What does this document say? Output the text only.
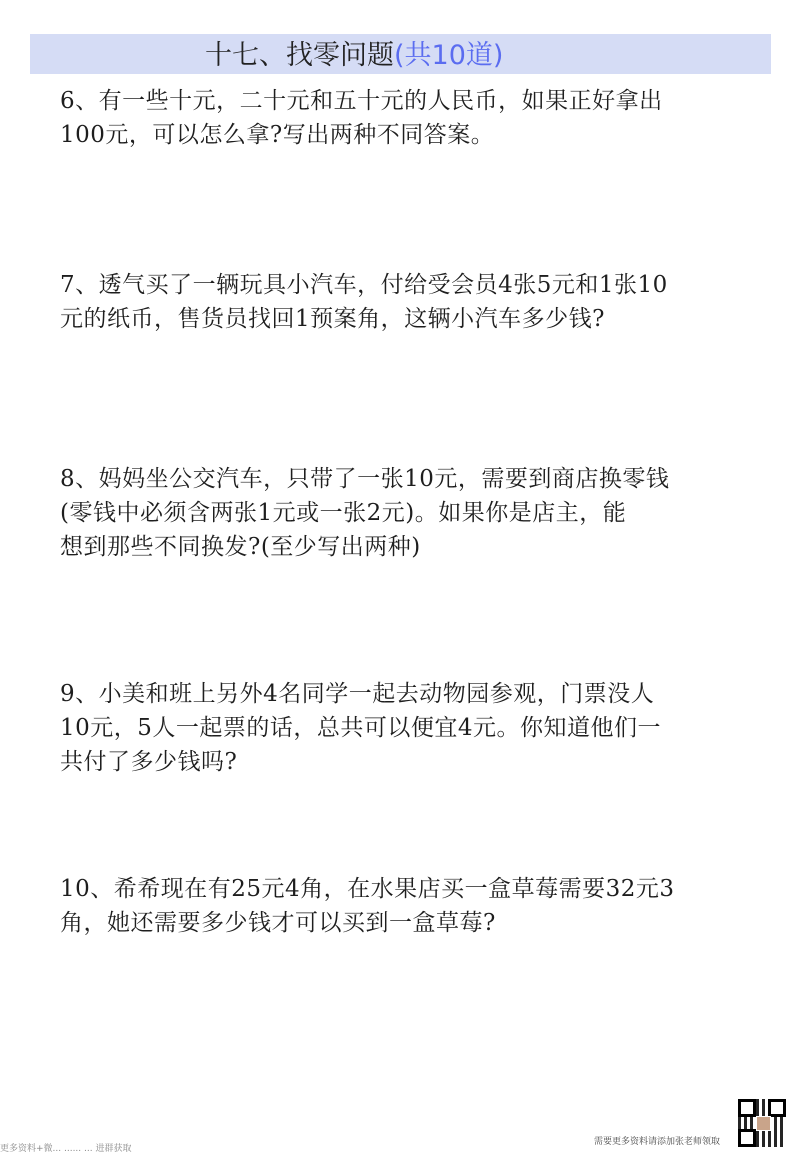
十七、找零问题(共10道)
6、有一些十元，二十元和五十元的人民币，如果正好拿出
100元，可以怎么拿?写出两种不同答案。
7、透气买了一辆玩具小汽车，付给受会员4张5元和1张10
元的纸币，售货员找回1预案角，这辆小汽车多少钱?
8、妈妈坐公交汽车，只带了一张10元，需要到商店换零钱
(零钱中必须含两张1元或一张2元)。如果你是店主，能
想到那些不同换发?(至少写出两种)
9、小美和班上另外4名同学一起去动物园参观，门票没人
10元，5人一起票的话，总共可以便宜4元。你知道他们一
共付了多少钱吗?
10、希希现在有25元4角，在水果店买一盒草莓需要32元3
角，她还需要多少钱才可以买到一盒草莓?
更多资料+微... ...... ... 进群获取
需要更多资料请添加张老师领取
